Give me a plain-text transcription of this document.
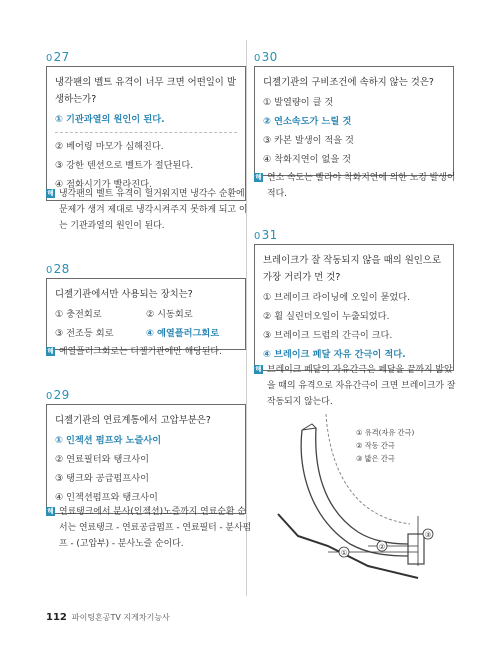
027
냉각팬의 벨트 유격이 너무 크면 어떤일이 발생하는가?
① 기관과열의 원인이 된다.
② 베어링 마모가 심해진다.
③ 강한 텐션으로 벨트가 절단된다.
④ 점화시기가 빨라진다.
해 냉각팬의 벨트 유격이 헐거워지면 냉각수 순환에 문제가 생겨 제대로 냉각시켜주지 못하게 되고 이는 기관과열의 원인이 된다.
028
디젤기관에서만 사용되는 장치는?
① 충전회로	② 시동회로
③ 전조등 회로	④ 예열플러그회로
해 예열플러그회로는 디젤기관에만 해당된다.
029
디젤기관의 연료계통에서 고압부분은?
① 인젝션 펌프와 노즐사이
② 연료필터와 탱크사이
③ 탱크와 공급펌프사이
④ 인젝션펌프와 탱크사이
해 연료탱크에서 분사(인젝션)노즐까지 연료순환 순서는 연료탱크 - 연료공급펌프 - 연료필터 - 분사펌프 - (고압부) - 분사노즐 순이다.
030
디젤기관의 구비조건에 속하지 않는 것은?
① 발열량이 클 것
② 연소속도가 느릴 것
③ 카본 발생이 적을 것
④ 착화지연이 없을 것
해 연소 속도는 빨라야 착화지연에 의한 노킹 발생이 적다.
031
브레이크가 잘 작동되지 않을 때의 원인으로 가장 거리가 먼 것?
① 브레이크 라이닝에 오일이 묻었다.
② 휠 실린더오일이 누출되었다.
③ 브레이크 드럼의 간극이 크다.
④ 브레이크 페달 자유 간극이 적다.
해 브레이크 페달의 자유간극은 페달을 끝까지 밟았을 때의 유격으로 자유간극이 크면 브레이크가 잘 작동되지 않는다.
①
②
③
① 유격(자유 간극)
② 작동 간극
③ 밟은 간극
112 파이팅혼공TV 지게차기능사
